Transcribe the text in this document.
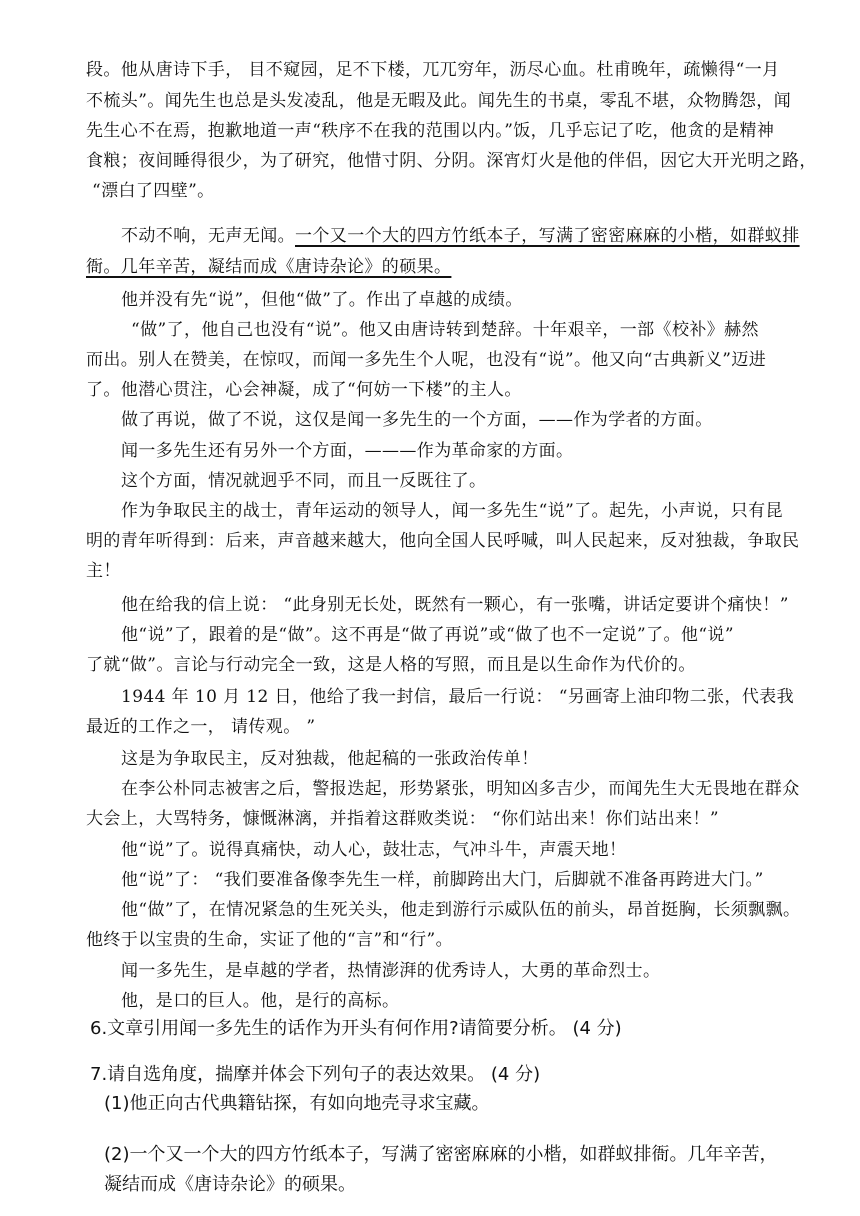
段。他从唐诗下手， 目不窥园，足不下楼，兀兀穷年，沥尽心血。杜甫晚年，疏懒得“一月
不梳头”。闻先生也总是头发凌乱，他是无暇及此。闻先生的书桌，零乱不堪，众物腾怨，闻
先生心不在焉，抱歉地道一声“秩序不在我的范围以内。”饭，几乎忘记了吃，他贪的是精神
食粮；夜间睡得很少，为了研究，他惜寸阴、分阴。深宵灯火是他的伴侣，因它大开光明之路，
“漂白了四壁”。
不动不响，无声无闻。一个又一个大的四方竹纸本子，写满了密密麻麻的小楷，如群蚁排
衙。几年辛苦，凝结而成《唐诗杂论》的硕果。
他并没有先“说”，但他“做”了。作出了卓越的成绩。
“做”了，他自己也没有“说”。他又由唐诗转到楚辞。十年艰辛，一部《校补》赫然
而出。别人在赞美，在惊叹，而闻一多先生个人呢，也没有“说”。他又向“古典新义”迈进
了。他潜心贯注，心会神凝，成了“何妨一下楼”的主人。
做了再说，做了不说，这仅是闻一多先生的一个方面，——作为学者的方面。
闻一多先生还有另外一个方面，———作为革命家的方面。
这个方面，情况就迥乎不同，而且一反既往了。
作为争取民主的战士，青年运动的领导人，闻一多先生“说”了。起先，小声说，只有昆
明的青年听得到：后来，声音越来越大，他向全国人民呼喊，叫人民起来，反对独裁，争取民
主！
他在给我的信上说： “此身别无长处，既然有一颗心，有一张嘴，讲话定要讲个痛快！”
他“说”了，跟着的是“做”。这不再是“做了再说”或“做了也不一定说”了。他“说”
了就“做”。言论与行动完全一致，这是人格的写照，而且是以生命作为代价的。
1944 年 10 月 12 日，他给了我一封信，最后一行说： “另画寄上油印物二张，代表我
最近的工作之一， 请传观。 ”
这是为争取民主，反对独裁，他起稿的一张政治传单！
在李公朴同志被害之后，警报迭起，形势紧张，明知凶多吉少，而闻先生大无畏地在群众
大会上，大骂特务，慷慨淋漓，并指着这群败类说： “你们站出来！你们站出来！”
他“说”了。说得真痛快，动人心，鼓壮志，气冲斗牛，声震天地！
他“说”了： “我们要准备像李先生一样，前脚跨出大门，后脚就不准备再跨进大门。”
他“做”了，在情况紧急的生死关头，他走到游行示威队伍的前头，昂首挺胸，长须飘飘。
他终于以宝贵的生命，实证了他的“言”和“行”。
闻一多先生，是卓越的学者，热情澎湃的优秀诗人，大勇的革命烈士。
他，是口的巨人。他，是行的高标。
6.文章引用闻一多先生的话作为开头有何作用?请简要分析。 (4 分)
7.请自选角度，揣摩并体会下列句子的表达效果。 (4 分)
(1)他正向古代典籍钻探，有如向地壳寻求宝藏。
(2)一个又一个大的四方竹纸本子，写满了密密麻麻的小楷，如群蚁排衙。几年辛苦，
凝结而成《唐诗杂论》的硕果。
